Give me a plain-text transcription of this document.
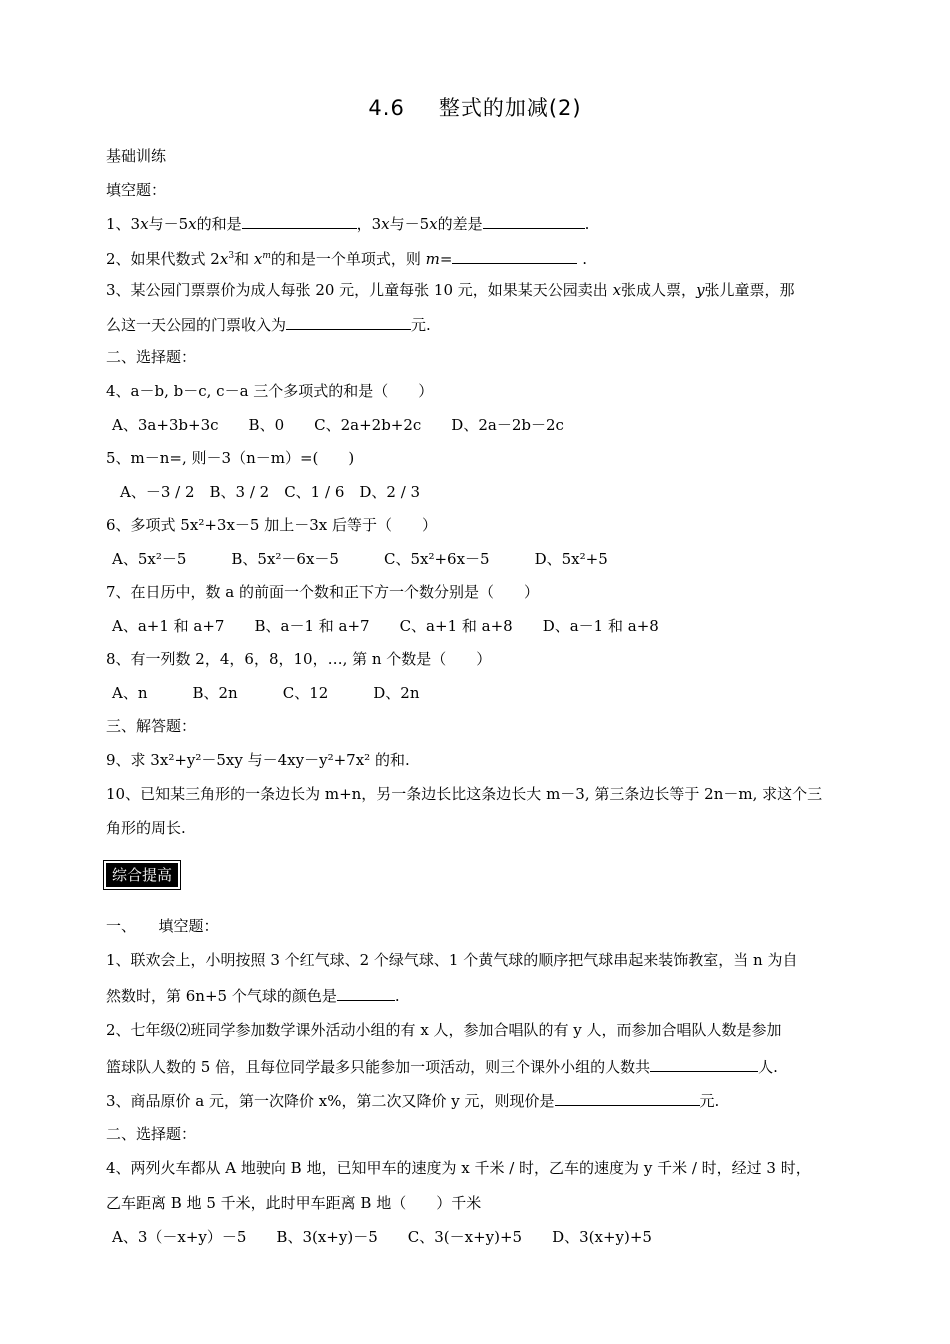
4.6 整式的加减(2)
基础训练
填空题：
1、3x与－5x的和是	，3x与－5x的差是	.
2、如果代数式 $2x^3$和 $x^m$的和是一个单项式，则 m=	.
3、某公园门票票价为成人每张 20 元，儿童每张 10 元，如果某天公园卖出 x张成人票，y张儿童票，那
么这一天公园的门票收入为	元.
二、选择题：
4、a－b, b－c, c－a 三个多项式的和是（　　）
A、3a+3b+3c　　B、0　　C、2a+2b+2c　　D、2a－2b－2c
5、m－n=, 则－3（n－m）=(　　)
A、－3 / 2　B、3 / 2　C、1 / 6　D、2 / 3
6、多项式 5x²+3x－5 加上－3x 后等于（　　）
A、5x²－5　　　B、5x²－6x－5　　　C、5x²+6x－5　　　D、5x²+5
7、在日历中，数 a 的前面一个数和正下方一个数分别是（　　）
A、a+1 和 a+7　　B、a－1 和 a+7　　C、a+1 和 a+8　　D、a－1 和 a+8
8、有一列数 2，4，6，8，10，…, 第 n 个数是（　　）
A、n　　　B、2n　　　C、12　　　D、2n
三、解答题：
9、求 3x²+y²－5xy 与－4xy－y²+7x² 的和.
10、已知某三角形的一条边长为 m+n，另一条边长比这条边长大 m－3, 第三条边长等于 2n－m, 求这个三
角形的周长.
综合提高
一、　　填空题：
1、联欢会上，小明按照 3 个红气球、2 个绿气球、1 个黄气球的顺序把气球串起来装饰教室，当 n 为自
然数时，第 6n+5 个气球的颜色是	.
2、七年级⑵班同学参加数学课外活动小组的有 x 人，参加合唱队的有 y 人，而参加合唱队人数是参加
篮球队人数的 5 倍，且每位同学最多只能参加一项活动，则三个课外小组的人数共	人.
3、商品原价 a 元，第一次降价 x%，第二次又降价 y 元，则现价是	元.
二、选择题：
4、两列火车都从 A 地驶向 B 地，已知甲车的速度为 x 千米 / 时，乙车的速度为 y 千米 / 时，经过 3 时，
乙车距离 B 地 5 千米，此时甲车距离 B 地（　　）千米
A、3（－x+y）－5　　B、3(x+y)－5　　C、3(－x+y)+5　　D、3(x+y)+5
